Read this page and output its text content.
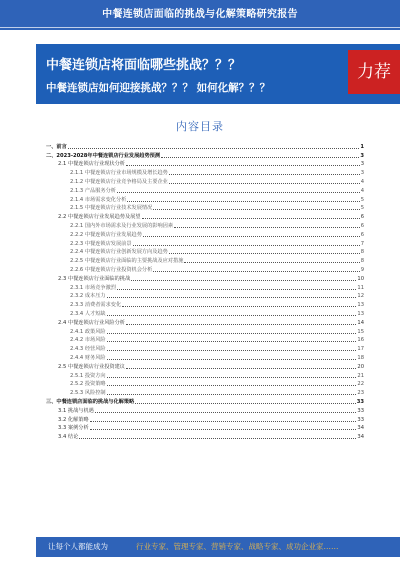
中餐连锁店面临的挑战与化解策略研究报告
中餐连锁店将面临哪些挑战？？？
中餐连锁店如何迎接挑战？？？ 如何化解？？？
力荐
内容目录
一、前言	1
二、2023-2028年中餐连锁店行业发展趋势预测	3
2.1 中餐连锁店行业现状分析	3
2.1.1 中餐连锁店行业市场规模及增长趋势	3
2.1.2 中餐连锁店行业竞争格局及主要企业	4
2.1.3 产品服务分析	4
2.1.4 市场需求变化分析	5
2.1.5 中餐连锁店行业技术发展情况	5
2.2 中餐连锁店行业发展趋势及展望	6
2.2.1 国内外市场需求及行业发展的影响因素	6
2.2.2 中餐连锁店行业发展趋势	6
2.2.3 中餐连锁店发展前景	7
2.2.4 中餐连锁店行业创新发展方向及趋势	8
2.2.5 中餐连锁店行业面临的主要挑战及应对措施	8
2.2.6 中餐连锁店行业投资机会分析	9
2.3 中餐连锁店行业面临的挑战	10
2.3.1 市场竞争激烈	11
2.3.2 成本压力	12
2.3.3 消费者需求变化	13
2.3.4 人才短缺	13
2.4 中餐连锁店行业风险分析	14
2.4.1 政策风险	15
2.4.2 市场风险	16
2.4.3 经营风险	17
2.4.4 财务风险	18
2.5 中餐连锁店行业投资建议	20
2.5.1 投资方向	21
2.5.2 投资策略	22
2.5.3 风险控制	23
三、中餐连锁店面临的挑战与化解策略	33
3.1 挑战与机遇	33
3.2 化解策略	33
3.3 案例分析	34
3.4 结论	34
让每个人都能成为	行业专家、管理专家、营销专家、战略专家、成功企业家……
